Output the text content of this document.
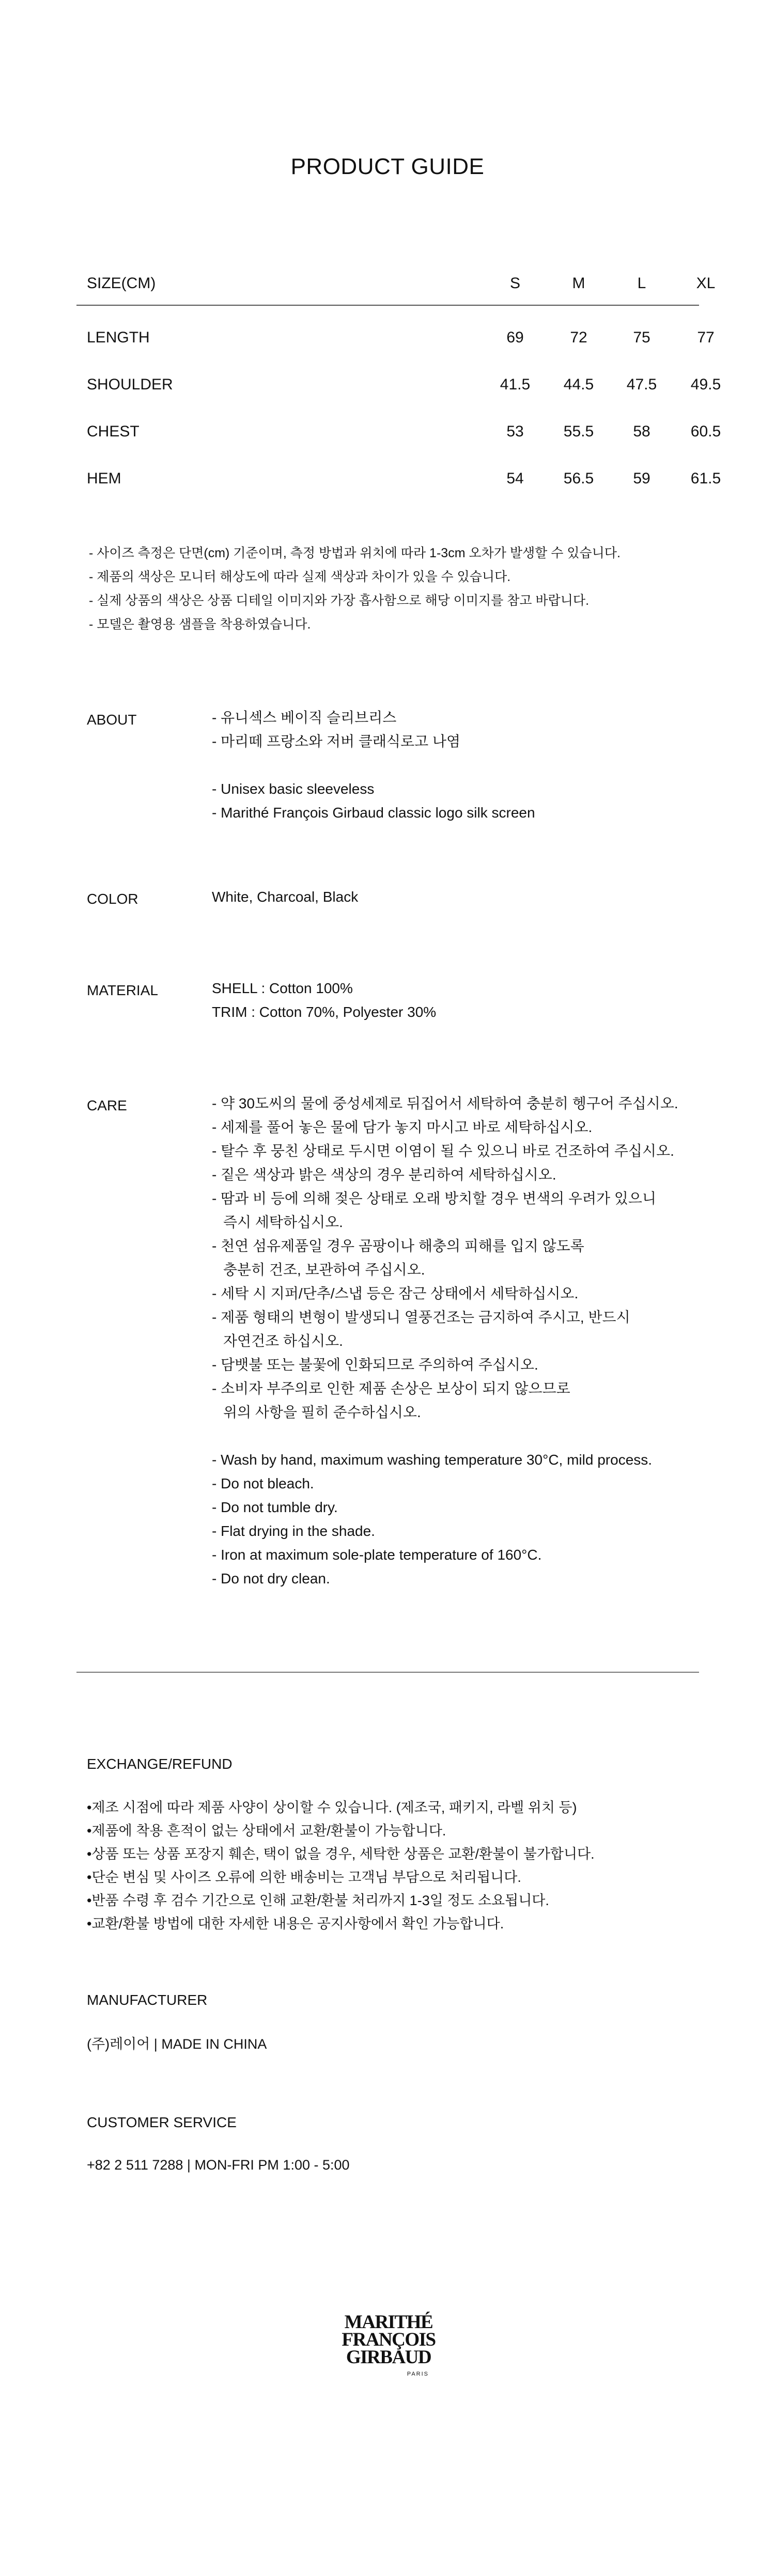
PRODUCT GUIDE
SIZE(CM)	S	M	L	XL
LENGTH	69	72	75	77
SHOULDER	41.5	44.5	47.5	49.5
CHEST	53	55.5	58	60.5
HEM	54	56.5	59	61.5
- 사이즈 측정은 단면(cm) 기준이며, 측정 방법과 위치에 따라 1-3cm 오차가 발생할 수 있습니다.
- 제품의 색상은 모니터 해상도에 따라 실제 색상과 차이가 있을 수 있습니다.
- 실제 상품의 색상은 상품 디테일 이미지와 가장 흡사함으로 해당 이미지를 참고 바랍니다.
- 모델은 촬영용 샘플을 착용하였습니다.
ABOUT	- 유니섹스 베이직 슬리브리스
- 마리떼 프랑소와 저버 클래식로고 나염
- Unisex basic sleeveless
- Marithé François Girbaud classic logo silk screen
COLOR	White, Charcoal, Black
MATERIAL	SHELL : Cotton 100%
TRIM : Cotton 70%, Polyester 30%
CARE	- 약 30도씨의 물에 중성세제로 뒤집어서 세탁하여 충분히 헹구어 주십시오.
- 세제를 풀어 놓은 물에 담가 놓지 마시고 바로 세탁하십시오.
- 탈수 후 뭉친 상태로 두시면 이염이 될 수 있으니 바로 건조하여 주십시오.
- 짙은 색상과 밝은 색상의 경우 분리하여 세탁하십시오.
- 땀과 비 등에 의해 젖은 상태로 오래 방치할 경우 변색의 우려가 있으니
즉시 세탁하십시오.
- 천연 섬유제품일 경우 곰팡이나 해충의 피해를 입지 않도록
충분히 건조, 보관하여 주십시오.
- 세탁 시 지퍼/단추/스냅 등은 잠근 상태에서 세탁하십시오.
- 제품 형태의 변형이 발생되니 열풍건조는 금지하여 주시고, 반드시
자연건조 하십시오.
- 담뱃불 또는 불꽃에 인화되므로 주의하여 주십시오.
- 소비자 부주의로 인한 제품 손상은 보상이 되지 않으므로
위의 사항을 필히 준수하십시오.
- Wash by hand, maximum washing temperature 30°C, mild process.
- Do not bleach.
- Do not tumble dry.
- Flat drying in the shade.
- Iron at maximum sole-plate temperature of 160°C.
- Do not dry clean.
EXCHANGE/REFUND
•제조 시점에 따라 제품 사양이 상이할 수 있습니다. (제조국, 패키지, 라벨 위치 등)
•제품에 착용 흔적이 없는 상태에서 교환/환불이 가능합니다.
•상품 또는 상품 포장지 훼손, 택이 없을 경우, 세탁한 상품은 교환/환불이 불가합니다.
•단순 변심 및 사이즈 오류에 의한 배송비는 고객님 부담으로 처리됩니다.
•반품 수령 후 검수 기간으로 인해 교환/환불 처리까지 1-3일 정도 소요됩니다.
•교환/환불 방법에 대한 자세한 내용은 공지사항에서 확인 가능합니다.
MANUFACTURER
(주)레이어 | MADE IN CHINA
CUSTOMER SERVICE
+82 2 511 7288 | MON-FRI PM 1:00 - 5:00
MARITHÉ
FRANÇOIS
GIRBAUD
PARIS
